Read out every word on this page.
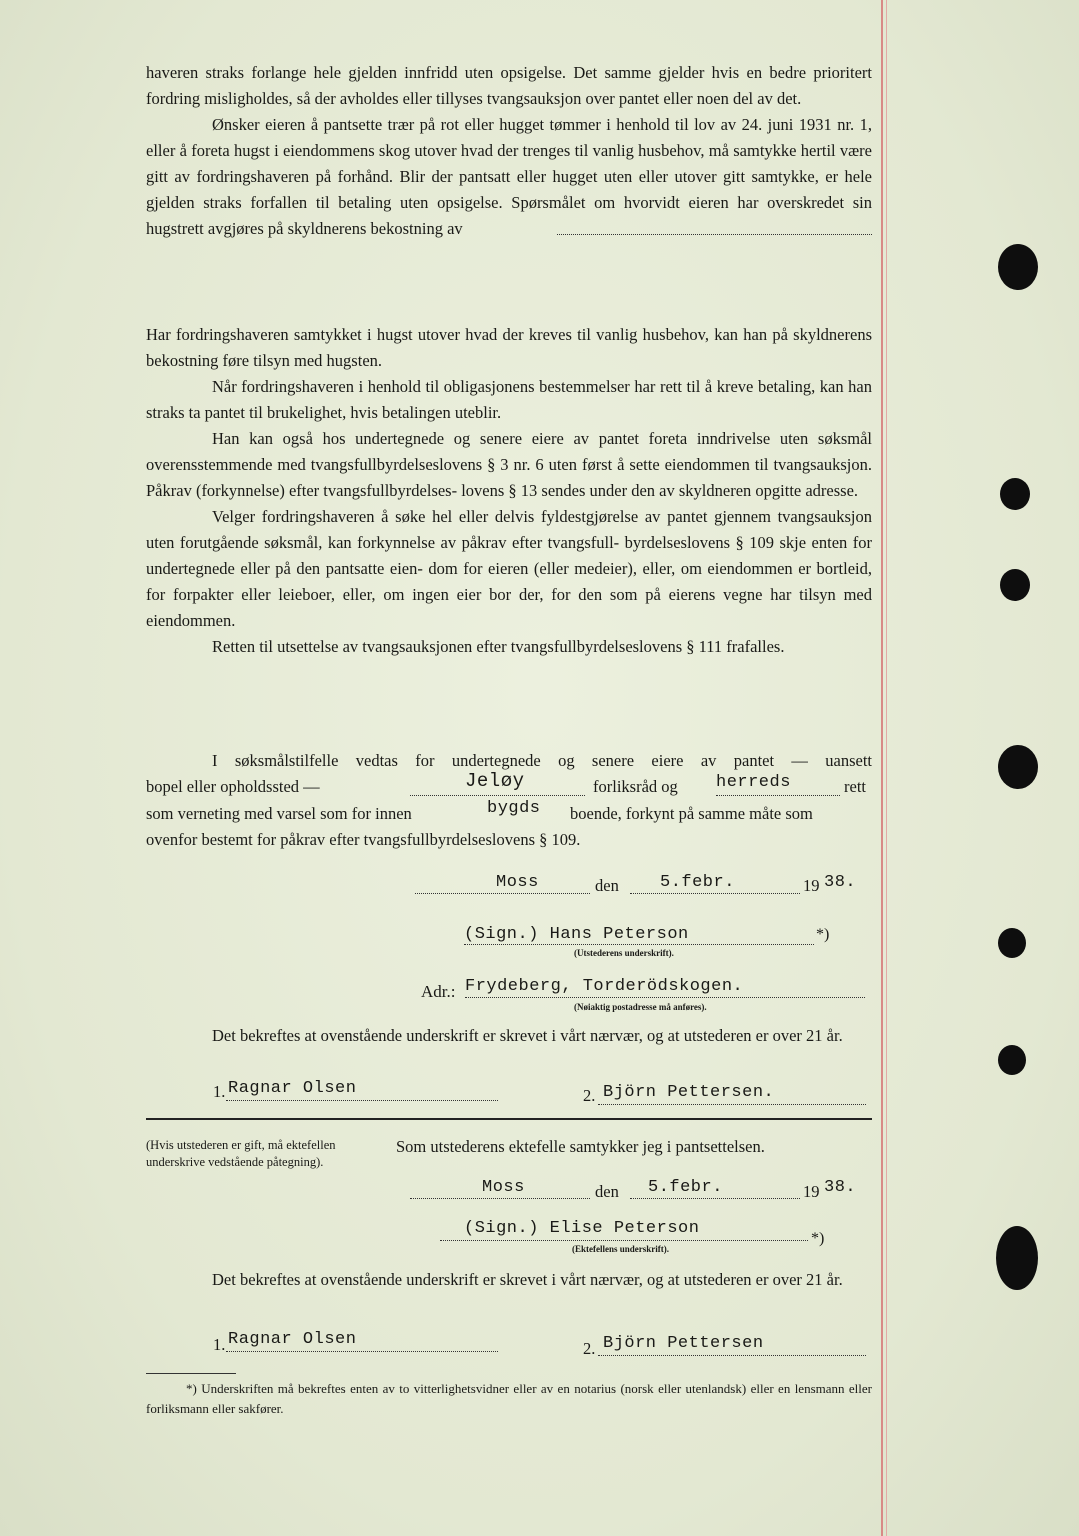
haveren straks forlange hele gjelden innfridd uten opsigelse. Det samme gjelder hvis en bedre prioritert fordring misligholdes, så der avholdes eller tillyses tvangsauksjon over pantet eller noen del av det.

Ønsker eieren å pantsette trær på rot eller hugget tømmer i henhold til lov av 24. juni 1931 nr. 1, eller å foreta hugst i eiendommens skog utover hvad der trenges til vanlig husbehov, må samtykke hertil være gitt av fordringshaveren på forhånd. Blir der pantsatt eller hugget uten eller utover gitt samtykke, er hele gjelden straks forfallen til betaling uten opsigelse. Spørsmålet om hvorvidt eieren har overskredet sin hugstrett avgjøres på skyldnerens bekostning av

Har fordringshaveren samtykket i hugst utover hvad der kreves til vanlig husbehov, kan han på skyldnerens bekostning føre tilsyn med hugsten.

Når fordringshaveren i henhold til obligasjonens bestemmelser har rett til å kreve betaling, kan han straks ta pantet til brukelighet, hvis betalingen uteblir.

Han kan også hos undertegnede og senere eiere av pantet foreta inndrivelse uten søksmål overensstemmende med tvangsfullbyrdelseslovens § 3 nr. 6 uten først å sette eiendommen til tvangsauksjon. Påkrav (forkynnelse) efter tvangsfullbyrdelses- lovens § 13 sendes under den av skyldneren opgitte adresse.

Velger fordringshaveren å søke hel eller delvis fyldestgjørelse av pantet gjennem tvangsauksjon uten forutgående søksmål, kan forkynnelse av påkrav efter tvangsfull- byrdelseslovens § 109 skje enten for undertegnede eller på den pantsatte eien- dom for eieren (eller medeier), eller, om eiendommen er bortleid, for forpakter eller leieboer, eller, om ingen eier bor der, for den som på eierens vegne har tilsyn med eiendommen.

Retten til utsettelse av tvangsauksjonen efter tvangsfullbyrdelseslovens § 111 frafalles.

I søksmålstilfelle vedtas for undertegnede og senere eiere av pantet — uansett
bopel eller opholdssted —	Jeløy	forliksråd og herreds	rett
som verneting med varsel som for innen	bygds boende, forkynt på samme måte som
ovenfor bestemt for påkrav efter tvangsfullbyrdelseslovens § 109.
Moss	den 5.febr.	19 38.
(Sign.) Hans Peterson	*)
(Utstederens underskrift).
Adr.: Frydeberg, Torderödskogen.
(Nøiaktig postadresse må anføres).

Det bekreftes at ovenstående underskrift er skrevet i vårt nærvær, og at utstederen er over 21 år.

1. Ragnar Olsen	2. Björn Pettersen.
(Hvis utstederen er gift, må ektefellen underskrive vedstående påtegning).
Som utstederens ektefelle samtykker jeg i pantsettelsen.
Moss	den 5.febr.	19 38.
(Sign.) Elise Peterson
*)
(Ektefellens underskrift).

Det bekreftes at ovenstående underskrift er skrevet i vårt nærvær, og at utstederen er over 21 år.

1. Ragnar Olsen	2. Björn Pettersen
*) Underskriften må bekreftes enten av to vitterlighetsvidner eller av en notarius (norsk eller utenlandsk) eller en lensmann eller forliksmann eller sakfører.
